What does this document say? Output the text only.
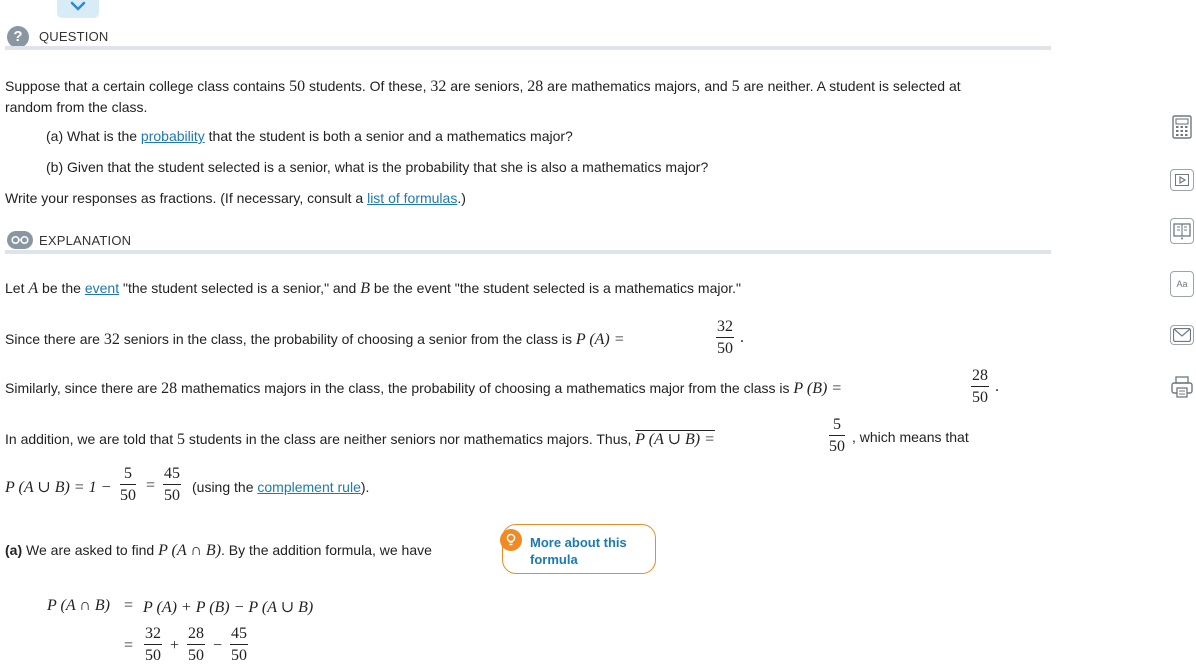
?	QUESTION
Suppose that a certain college class contains 50 students. Of these, 32 are seniors, 28 are mathematics majors, and 5 are neither. A student is selected at
random from the class.
(a) What is the probability that the student is both a senior and a mathematics major?
(b) Given that the student selected is a senior, what is the probability that she is also a mathematics major?
Write your responses as fractions. (If necessary, consult a list of formulas.)
EXPLANATION
Let A be the event "the student selected is a senior," and B be the event "the student selected is a mathematics major."
Since there are 32 seniors in the class, the probability of choosing a senior from the class is P (A) =	$\frac{32}{50}$ .
Similarly, since there are 28 mathematics majors in the class, the probability of choosing a mathematics major from the class is P (B) =	$\frac{28}{50}$ .
In addition, we are told that 5 students in the class are neither seniors nor mathematics majors. Thus, P (A ∪ B) =	$\frac{5}{50}$ , which means that
P (A ∪ $B) = 1 - \frac{5}{50} = \frac{45}{50} (using$ the complement rule).
(a) We are asked to find P (A ∩ B). By the addition formula, we have	More about this formula
P (A ∩ B) = P (A) + P (B) − P (A ∪ B)
= $\frac{32}{50} + \frac{28}{50} - \frac{45}{50}$
Aa
